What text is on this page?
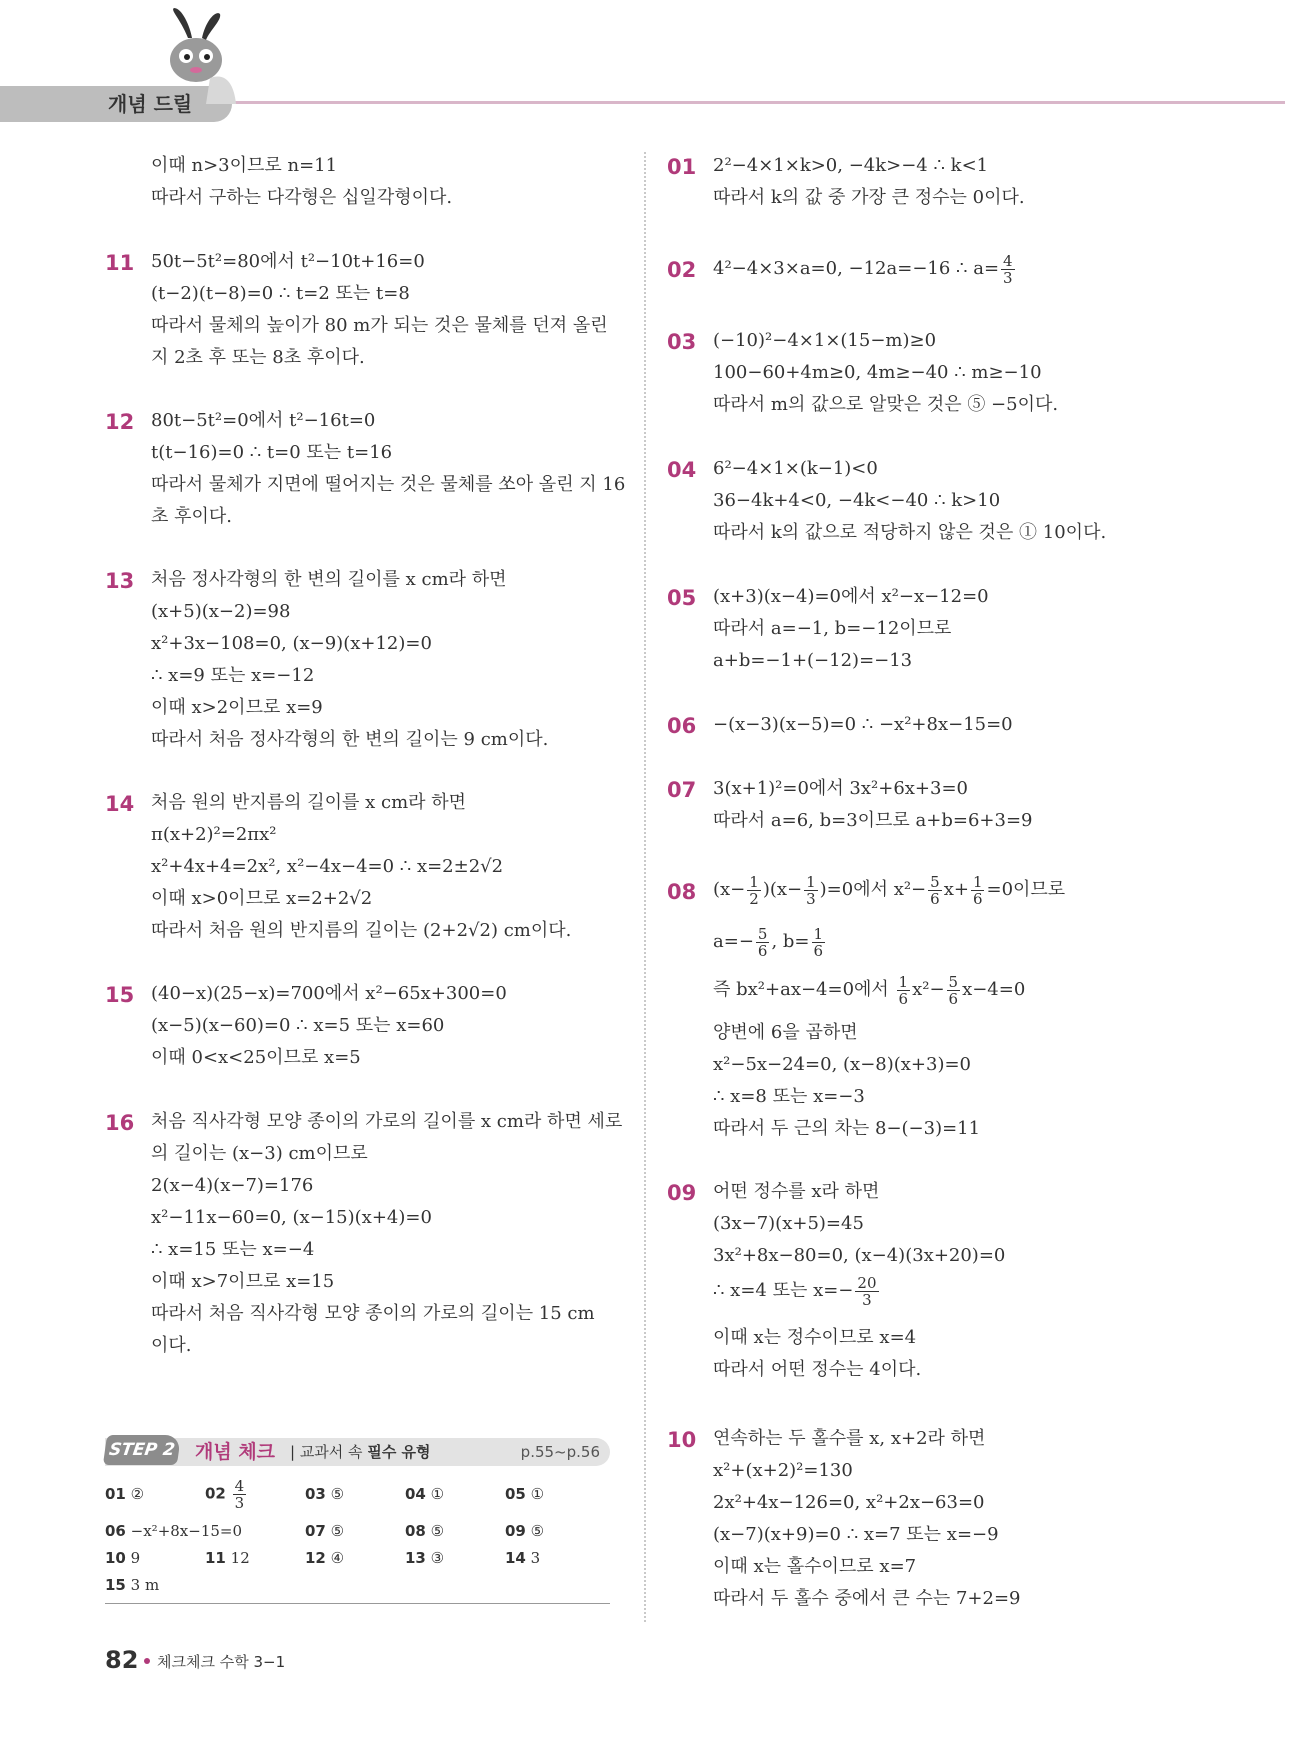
개념 드릴
이때 n>3이므로 n=11
따라서 구하는 다각형은 십일각형이다.
11 50t−5t²=80에서 t²−10t+16=0
(t−2)(t−8)=0 ∴ t=2 또는 t=8
따라서 물체의 높이가 80 m가 되는 것은 물체를 던져 올린
지 2초 후 또는 8초 후이다.
12 80t−5t²=0에서 t²−16t=0
t(t−16)=0 ∴ t=0 또는 t=16
따라서 물체가 지면에 떨어지는 것은 물체를 쏘아 올린 지 16
초 후이다.
13 처음 정사각형의 한 변의 길이를 x cm라 하면
(x+5)(x−2)=98
x²+3x−108=0, (x−9)(x+12)=0
∴ x=9 또는 x=−12
이때 x>2이므로 x=9
따라서 처음 정사각형의 한 변의 길이는 9 cm이다.
14 처음 원의 반지름의 길이를 x cm라 하면
π(x+2)²=2πx²
x²+4x+4=2x², x²−4x−4=0 ∴ x=2±2√2
이때 x>0이므로 x=2+2√2
따라서 처음 원의 반지름의 길이는 (2+2√2) cm이다.
15 (40−x)(25−x)=700에서 x²−65x+300=0
(x−5)(x−60)=0 ∴ x=5 또는 x=60
이때 0<x<25이므로 x=5
16 처음 직사각형 모양 종이의 가로의 길이를 x cm라 하면 세로
의 길이는 (x−3) cm이므로
2(x−4)(x−7)=176
x²−11x−60=0, (x−15)(x+4)=0
∴ x=15 또는 x=−4
이때 x>7이므로 x=15
따라서 처음 직사각형 모양 종이의 가로의 길이는 15 cm
이다.
STEP 2 개념 체크 | 교과서 속 필수 유형	p.55~p.56
01 ②	$02 \frac{4}{3}$	03 ⑤	04 ①	05 ①
06 −x²+8x−15=0	07 ⑤	08 ⑤	09 ⑤
10 9	11 12	12 ④	13 ③	14 3
15 3 m
01 2²−4×1×k>0, −4k>−4 ∴ k<1
따라서 k의 값 중 가장 큰 정수는 0이다.
02 4²−4×3×a=0, −12a=−16 ∴ $a= \frac{4}{3}$
03 (−10)²−4×1×(15−m)≥0
100−60+4m≥0, 4m≥−40 ∴ m≥−10
따라서 m의 값으로 알맞은 것은 ⑤ −5이다.
04 6²−4×1×(k−1)<0
36−4k+4<0, −4k<−40 ∴ k>10
따라서 k의 값으로 적당하지 않은 것은 ① 10이다.
05 (x+3)(x−4)=0에서 x²−x−12=0
따라서 a=−1, b=−12이므로
a+b=−1+(−12)=−13
06 −(x−3)(x−5)=0 ∴ −x²+8x−15=0
07 3(x+1)²=0에서 3x²+6x+3=0
따라서 a=6, b=3이므로 a+b=6+3=9
08 $(x- \frac{1}{2} )(x- \frac{1}{3} )=0$에서 $x^2- \frac{5}{6} x+ \frac{1}{6} =0$이므로
$a=- \frac{5}{6}$ , $b= \frac{1}{6}$
즉 bx²+ax−4=0에서 $\frac{1}{6} x^2- \frac{5}{6} x-4=0$
양변에 6을 곱하면
x²−5x−24=0, (x−8)(x+3)=0
∴ x=8 또는 x=−3
따라서 두 근의 차는 8−(−3)=11
09 어떤 정수를 x라 하면
(3x−7)(x+5)=45
3x²+8x−80=0, (x−4)(3x+20)=0
∴ x=4 또는 $x=- \frac{20}{3}$
이때 x는 정수이므로 x=4
따라서 어떤 정수는 4이다.
10 연속하는 두 홀수를 x, x+2라 하면
x²+(x+2)²=130
2x²+4x−126=0, x²+2x−63=0
(x−7)(x+9)=0 ∴ x=7 또는 x=−9
이때 x는 홀수이므로 x=7
따라서 두 홀수 중에서 큰 수는 7+2=9
82 체크체크 수학 3−1
